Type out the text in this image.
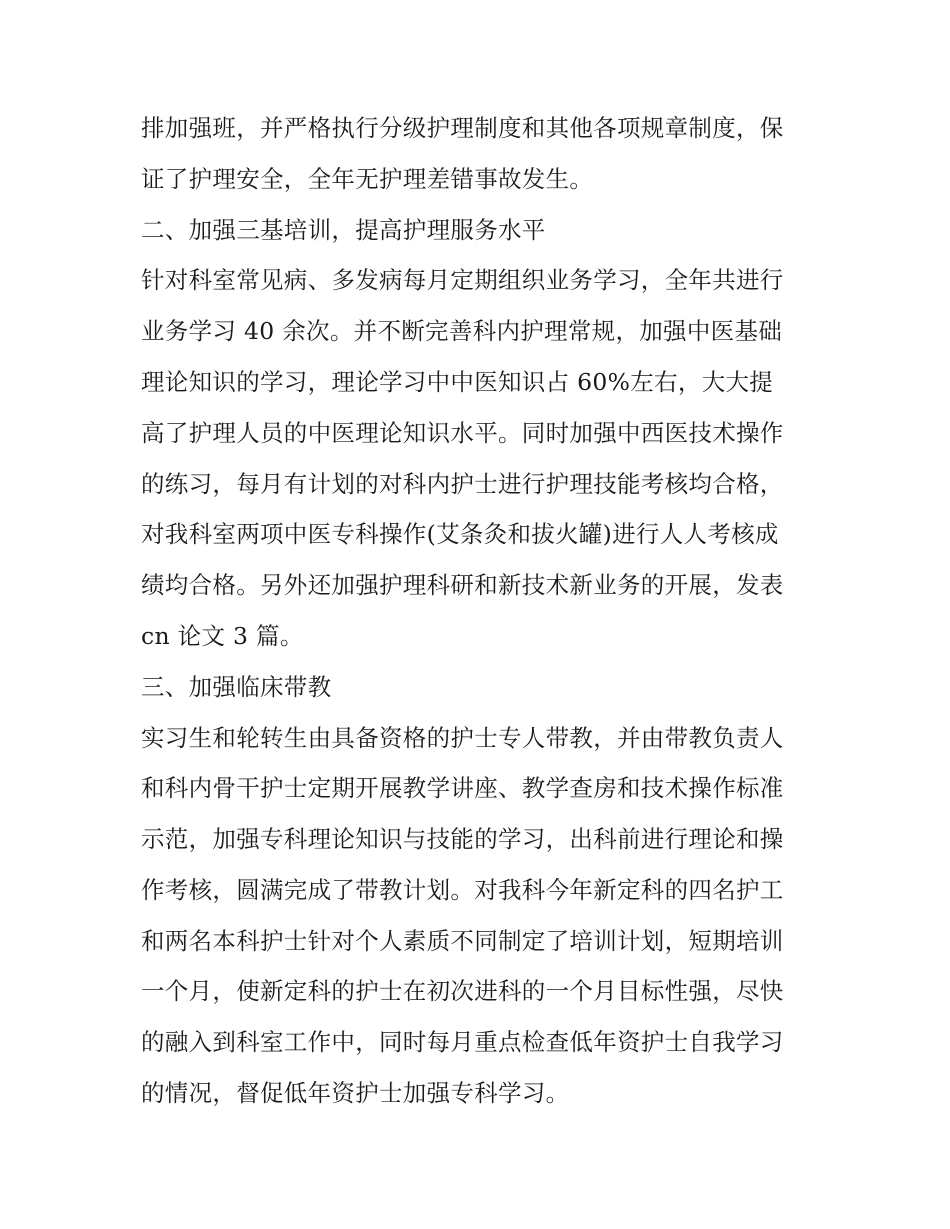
排加强班，并严格执行分级护理制度和其他各项规章制度，保
证了护理安全，全年无护理差错事故发生。
二、加强三基培训，提高护理服务水平
针对科室常见病、多发病每月定期组织业务学习，全年共进行
业务学习 40 余次。并不断完善科内护理常规，加强中医基础
理论知识的学习，理论学习中中医知识占 60%左右，大大提
高了护理人员的中医理论知识水平。同时加强中西医技术操作
的练习，每月有计划的对科内护士进行护理技能考核均合格，
对我科室两项中医专科操作(艾条灸和拔火罐)进行人人考核成
绩均合格。另外还加强护理科研和新技术新业务的开展，发表
cn 论文 3 篇。
三、加强临床带教
实习生和轮转生由具备资格的护士专人带教，并由带教负责人
和科内骨干护士定期开展教学讲座、教学查房和技术操作标准
示范，加强专科理论知识与技能的学习，出科前进行理论和操
作考核，圆满完成了带教计划。对我科今年新定科的四名护工
和两名本科护士针对个人素质不同制定了培训计划，短期培训
一个月，使新定科的护士在初次进科的一个月目标性强，尽快
的融入到科室工作中，同时每月重点检查低年资护士自我学习
的情况，督促低年资护士加强专科学习。
